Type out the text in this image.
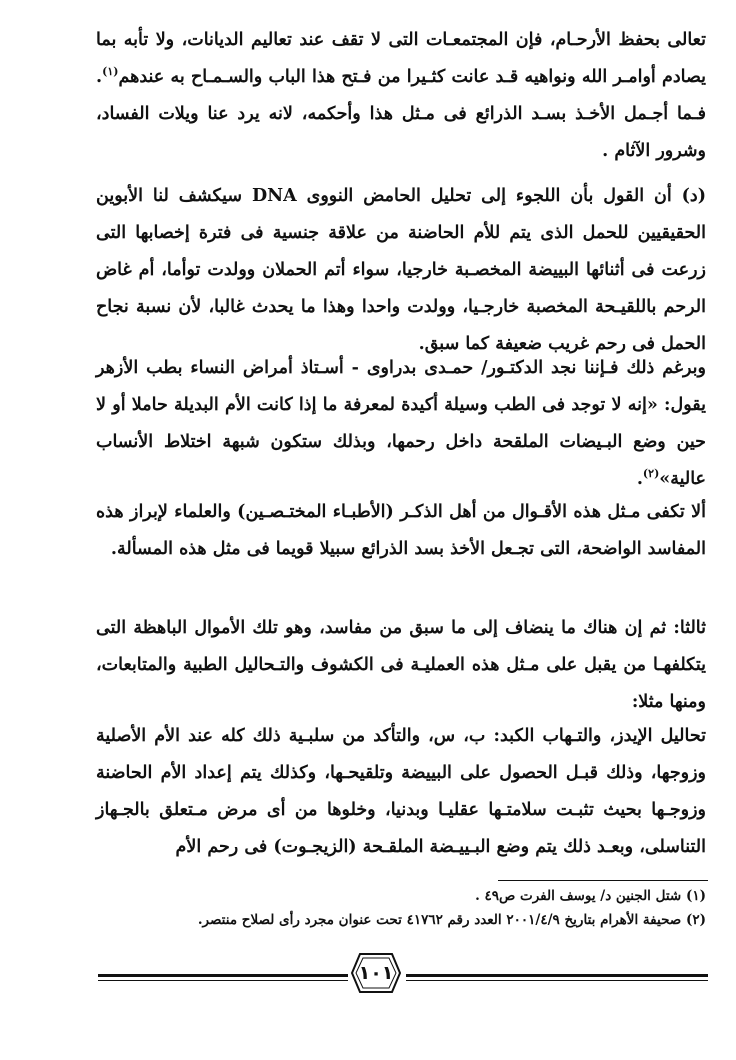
تعالى بحفظ الأرحـام، فإن المجتمعـات التى لا تقف عند تعاليم الديانات، ولا تأبه بما يصادم أوامـر الله ونواهيه قـد عانت كثـيرا من فـتح هذا الباب والسـمـاح به عندهم$^{(١)}$. فـما أجـمل الأخـذ بسـد الذرائع فى مـثل هذا وأحكمه، لانه يرد عنا ويلات الفساد، وشرور الآثام .

(د) أن القول بأن اللجوء إلى تحليل الحامض النووى DNA سيكشف لنا الأبوين الحقيقيين للحمل الذى يتم للأم الحاضنة من علاقة جنسية فى فترة إخصابها التى زرعت فى أثنائها البييضة المخصـبة خارجيا، سواء أتم الحملان وولدت توأما، أم غاض الرحم باللقيـحة المخصبة خارجـيا، وولدت واحدا وهذا ما يحدث غالبا، لأن نسبة نجاح الحمل فى رحم غريب ضعيفة كما سبق.

وبرغم ذلك فـإننا نجد الدكتـور/ حمـدى بدراوى - أسـتاذ أمراض النساء بطب الأزهر يقول: «إنه لا توجد فى الطب وسيلة أكيدة لمعرفة ما إذا كانت الأم البديلة حاملا أو لا حين وضع البـيضات الملقحة داخل رحمها، وبذلك ستكون شبهة اختلاط الأنساب عالية»$^{(٢)}$.

ألا تكفى مـثل هذه الأقـوال من أهل الذكـر (الأطبـاء المختـصـين) والعلماء لإبراز هذه المفاسد الواضحة، التى تجـعل الأخذ بسد الذرائع سبيلا قويما فى مثل هذه المسألة.

ثالثا: ثم إن هناك ما ينضاف إلى ما سبق من مفاسد، وهو تلك الأموال الباهظة التى يتكلفهـا من يقبل على مـثل هذه العمليـة فى الكشوف والتـحاليل الطبية والمتابعات، ومنها مثلا:

تحاليل الإيدز، والتـهاب الكبد: ب، س، والتأكد من سلبـية ذلك كله عند الأم الأصلية وزوجها، وذلك قبـل الحصول على البييضة وتلقيحـها، وكذلك يتم إعداد الأم الحاضنة وزوجـها بحيث تثبـت سلامتـها عقليـا وبدنيا، وخلوها من أى مرض مـتعلق بالجـهاز التناسلى، وبعـد ذلك يتم وضع البـييـضة الملقـحة (الزيجـوت) فى رحم الأم

(١) شتل الجنين د/ يوسف الفرت ص٤٩ .
(٢) صحيفة الأهرام بتاريخ ٢٠٠١/٤/٩ العدد رقم ٤١٧٦٢ تحت عنوان مجرد رأى لصلاح منتصر.
١٠١
